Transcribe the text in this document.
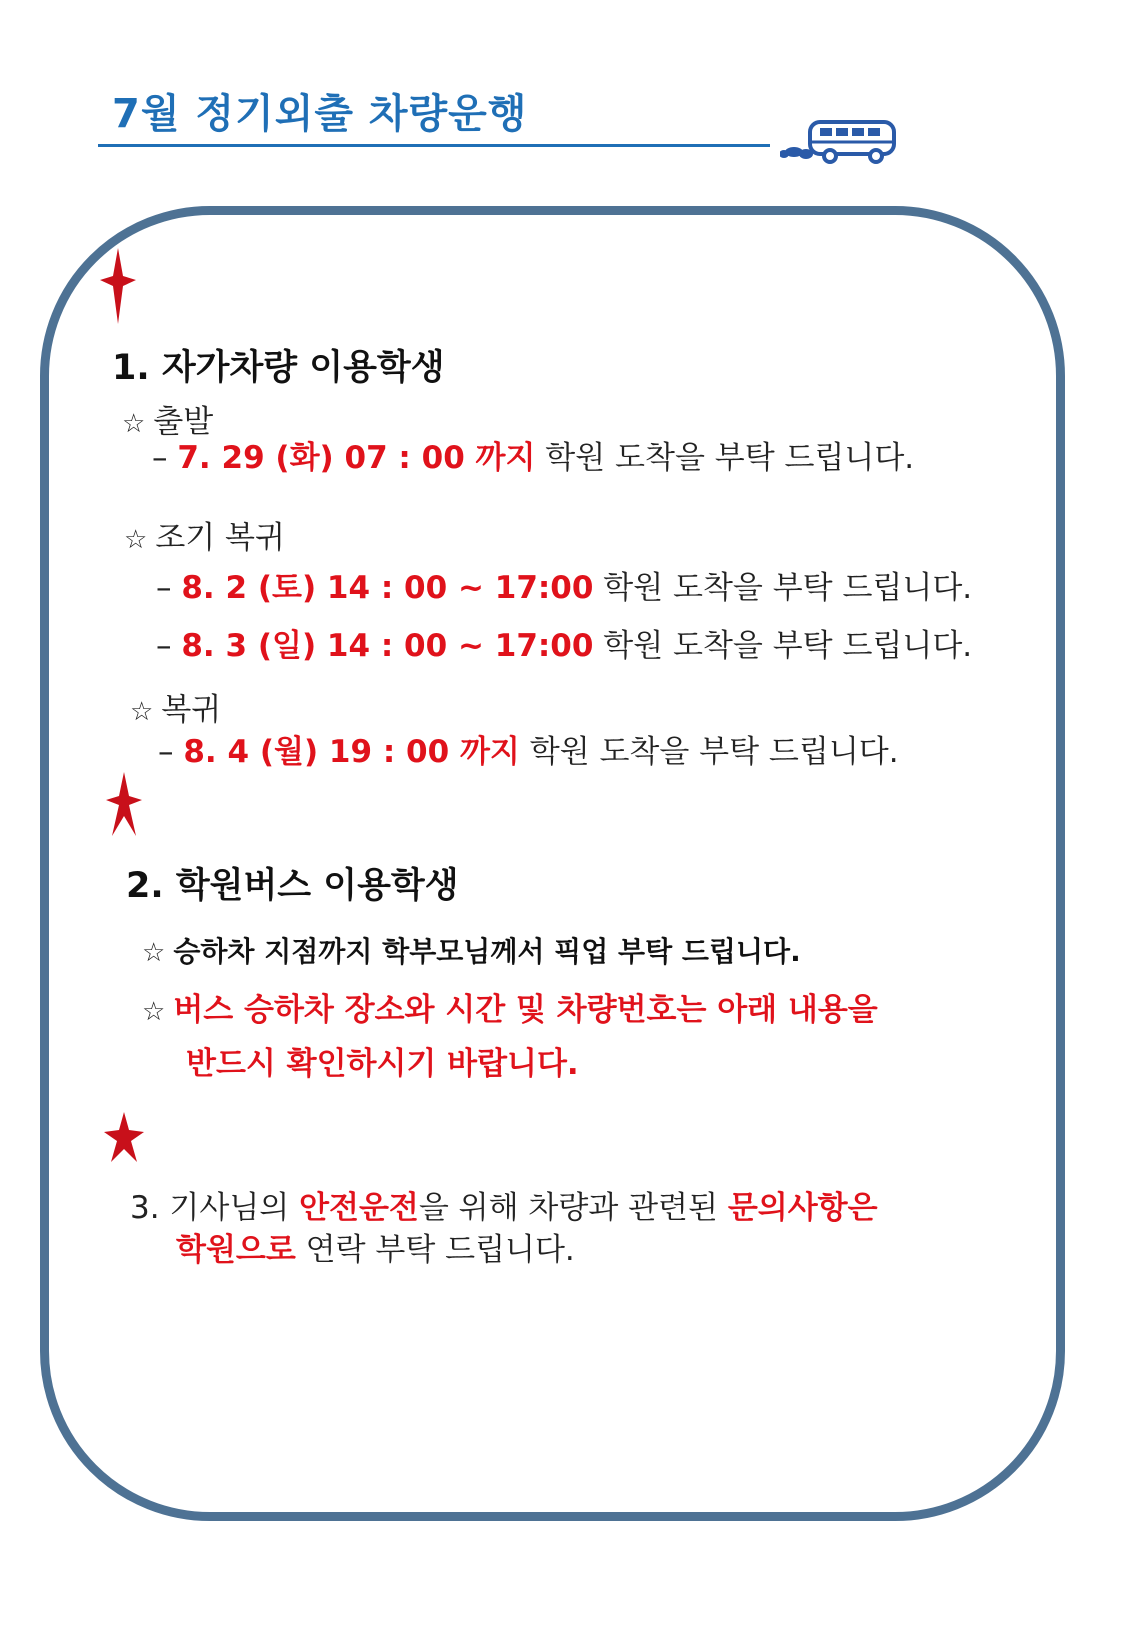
7월 정기외출 차량운행
1. 자가차량 이용학생
☆ 출발
– 7. 29 (화) 07 : 00 까지 학원 도착을 부탁 드립니다.
☆ 조기 복귀
– 8. 2 (토) 14 : 00 ~ 17:00 학원 도착을 부탁 드립니다.
– 8. 3 (일) 14 : 00 ~ 17:00 학원 도착을 부탁 드립니다.
☆ 복귀
– 8. 4 (월) 19 : 00 까지 학원 도착을 부탁 드립니다.
2. 학원버스 이용학생
☆ 승하차 지점까지 학부모님께서 픽업 부탁 드립니다.
☆ 버스 승하차 장소와 시간 및 차량번호는 아래 내용을
반드시 확인하시기 바랍니다.
3. 기사님의 안전운전을 위해 차량과 관련된 문의사항은
학원으로 연락 부탁 드립니다.
